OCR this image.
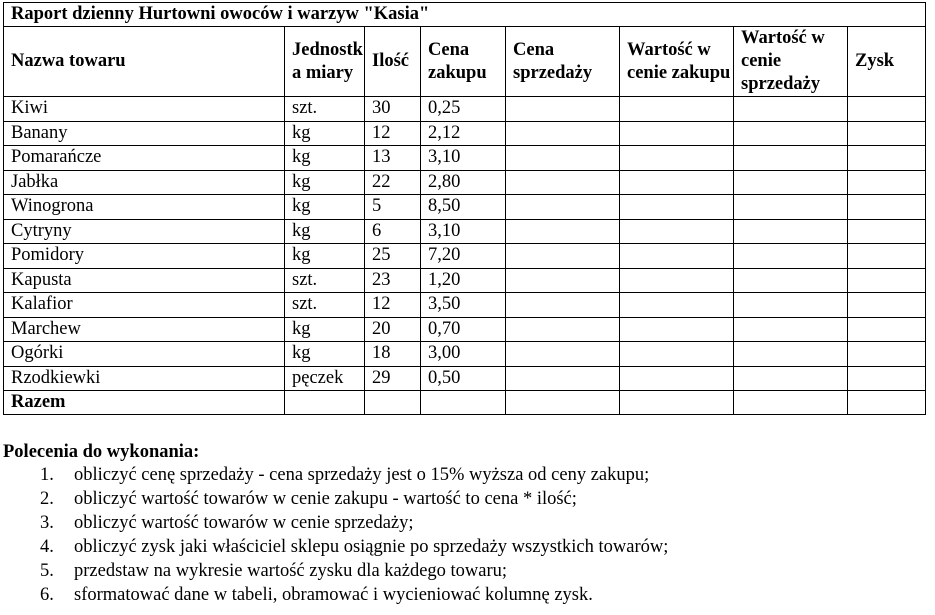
Raport dzienny Hurtowni owoców i warzyw "Kasia"							
Nazwa towaru	Jednostka miary	Ilość	Cena zakupu	Cena sprzedaży	Wartość w cenie zakupu	Wartość w cenie sprzedaży	Zysk
Kiwi	szt.	30	0,25				
Banany	kg	12	2,12				
Pomarańcze	kg	13	3,10				
Jabłka	kg	22	2,80				
Winogrona	kg	5	8,50				
Cytryny	kg	6	3,10				
Pomidory	kg	25	7,20				
Kapusta	szt.	23	1,20				
Kalafior	szt.	12	3,50				
Marchew	kg	20	0,70				
Ogórki	kg	18	3,00				
Rzodkiewki	pęczek	29	0,50				
Razem							

Polecenia do wykonania:

1. obliczyć cenę sprzedaży - cena sprzedaży jest o 15% wyższa od ceny zakupu;
2. obliczyć wartość towarów w cenie zakupu - wartość to cena * ilość;
3. obliczyć wartość towarów w cenie sprzedaży;
4. obliczyć zysk jaki właściciel sklepu osiągnie po sprzedaży wszystkich towarów;
5. przedstaw na wykresie wartość zysku dla każdego towaru;
6. sformatować dane w tabeli, obramować i wycieniować kolumnę zysk.
